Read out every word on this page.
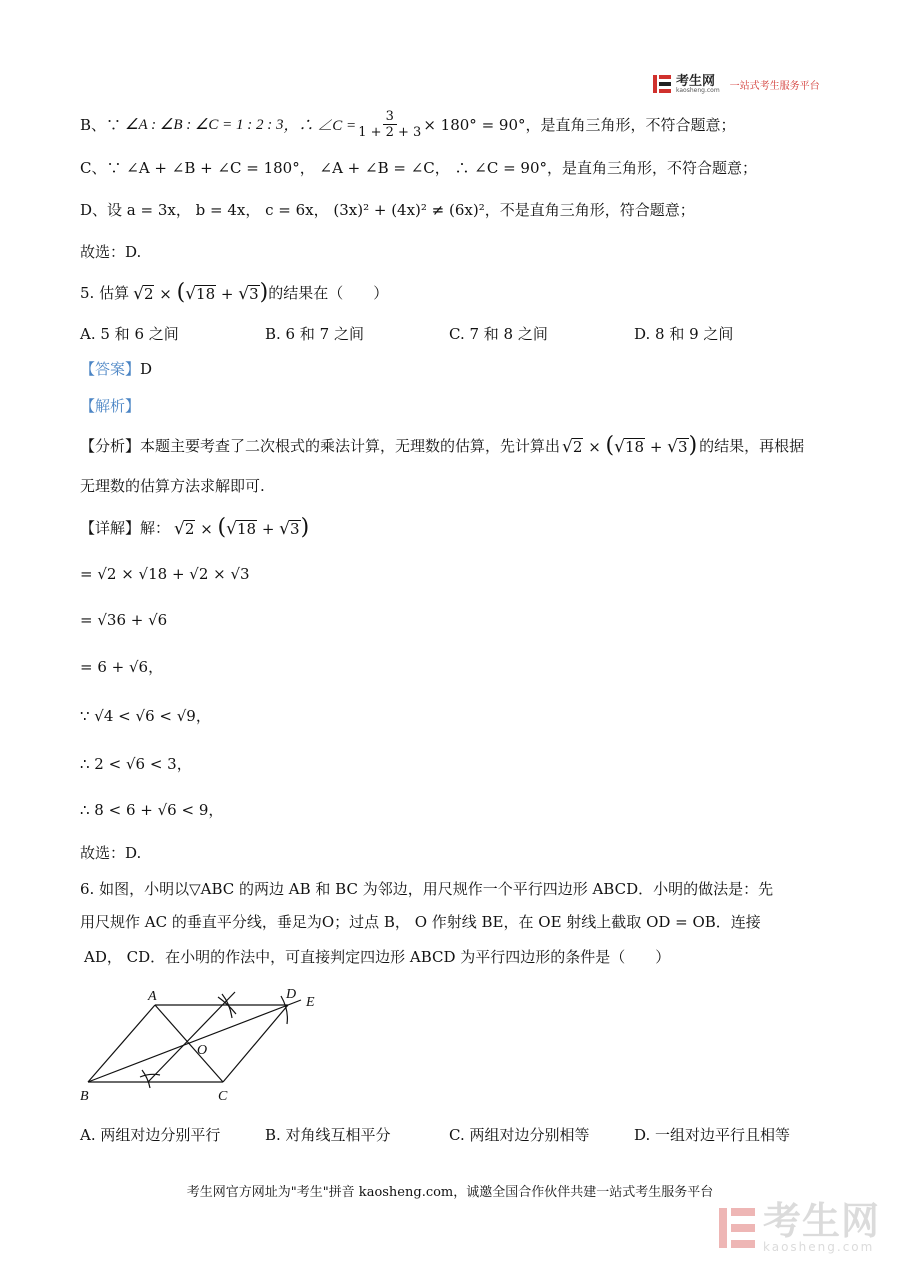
考生网
kaosheng.com 一站式考生服务平台
B、∵ ∠A : ∠B : ∠C = 1 : 2 : 3 ，∴ ∠C = $\frac{3}{1 + 2 + 3} \times 180^\circ = 90^\circ$ ，是直角三角形，不符合题意；
C、∵ ∠A + ∠B + ∠C = 180°， ∠A + ∠B = ∠C， ∴ ∠C = 90°，是直角三角形，不符合题意；
D、设 a = 3x， b = 4x， c = 6x， (3x)² + (4x)² ≠ (6x)²，不是直角三角形，符合题意；
故选：D.
5. 估算 √2 × (√18 + √3) 的结果在（　　）
A. 5 和 6 之间	B. 6 和 7 之间	C. 7 和 8 之间	D. 8 和 9 之间
【答案】D
【解析】
【分析】 本题主要考查了二次根式的乘法计算，无理数的估算，先计算出 √2 × (√18 + √3) 的结果，再根据
无理数的估算方法求解即可.
【详解】 解： √2 × (√18 + √3)
= √2 × √18 + √2 × √3
= √36 + √6
= 6 + √6，
∵ √4 < √6 < √9，
∴ 2 < √6 < 3，
∴ 8 < 6 + √6 < 9，
故选：D.
6. 如图，小明以▽ABC 的两边 AB 和 BC 为邻边，用尺规作一个平行四边形 ABCD．小明的做法是：先
用尺规作 AC 的垂直平分线，垂足为O；过点 B， O 作射线 BE，在 OE 射线上截取 OD = OB．连接
AD， CD．在小明的作法中，可直接判定四边形 ABCD 为平行四边形的条件是（　　）
A
B	C
D
E
O
A. 两组对边分别平行	B. 对角线互相平分	C. 两组对边分别相等	D. 一组对边平行且相等
考生网官方网址为"考生"拼音 kaosheng.com，诚邀全国合作伙伴共建一站式考生服务平台
考生网
kaosheng.com
